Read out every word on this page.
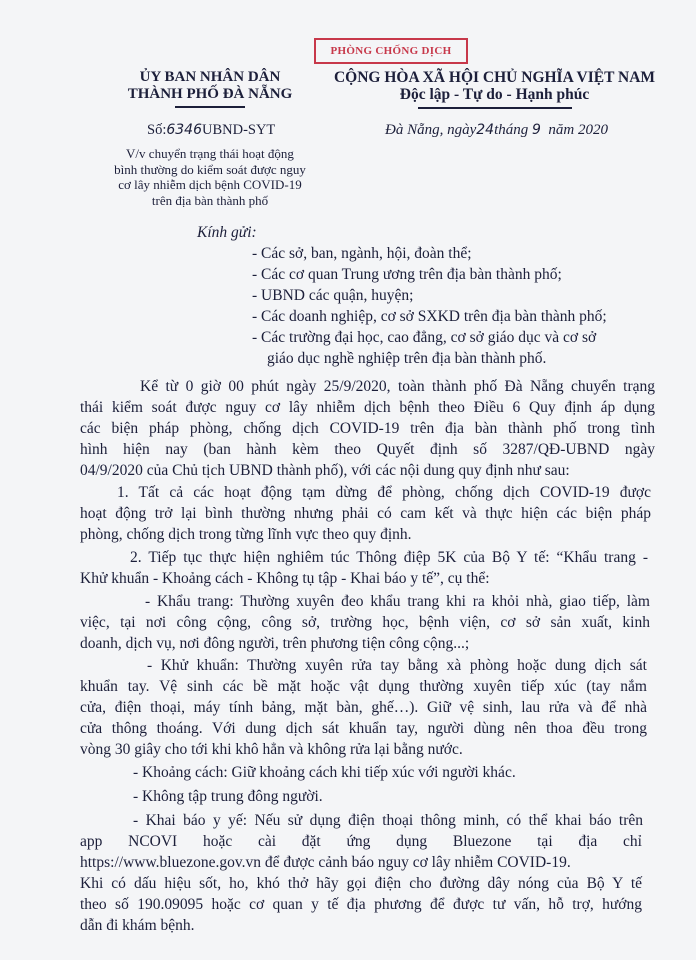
PHÒNG CHỐNG DỊCH
ỦY BAN NHÂN DÂN
THÀNH PHỐ ĐÀ NẴNG
Số:6346UBND-SYT
V/v chuyển trạng thái hoạt động
bình thường do kiểm soát được nguy
cơ lây nhiễm dịch bệnh COVID-19
trên địa bàn thành phố
CỘNG HÒA XÃ HỘI CHỦ NGHĨA VIỆT NAM
Độc lập - Tự do - Hạnh phúc
Đà Nẵng, ngày24tháng 9 năm 2020
Kính gửi:
- Các sở, ban, ngành, hội, đoàn thể;
- Các cơ quan Trung ương trên địa bàn thành phố;
- UBND các quận, huyện;
- Các doanh nghiệp, cơ sở SXKD trên địa bàn thành phố;
- Các trường đại học, cao đẳng, cơ sở giáo dục và cơ sở
giáo dục nghề nghiệp trên địa bàn thành phố.
Kể từ 0 giờ 00 phút ngày 25/9/2020, toàn thành phố Đà Nẵng chuyển trạng
thái kiểm soát được nguy cơ lây nhiễm dịch bệnh theo Điều 6 Quy định áp dụng
các biện pháp phòng, chống dịch COVID-19 trên địa bàn thành phố trong tình
hình hiện nay (ban hành kèm theo Quyết định số 3287/QĐ-UBND ngày
04/9/2020 của Chủ tịch UBND thành phố), với các nội dung quy định như sau:
1. Tất cả các hoạt động tạm dừng để phòng, chống dịch COVID-19 được
hoạt động trở lại bình thường nhưng phải có cam kết và thực hiện các biện pháp
phòng, chống dịch trong từng lĩnh vực theo quy định.
2. Tiếp tục thực hiện nghiêm túc Thông điệp 5K của Bộ Y tế: “Khẩu trang -
Khử khuẩn - Khoảng cách - Không tụ tập - Khai báo y tế”, cụ thể:
- Khẩu trang: Thường xuyên đeo khẩu trang khi ra khỏi nhà, giao tiếp, làm
việc, tại nơi công cộng, công sở, trường học, bệnh viện, cơ sở sản xuất, kinh
doanh, dịch vụ, nơi đông người, trên phương tiện công cộng...;
- Khử khuẩn: Thường xuyên rửa tay bằng xà phòng hoặc dung dịch sát
khuẩn tay. Vệ sinh các bề mặt hoặc vật dụng thường xuyên tiếp xúc (tay nắm
cửa, điện thoại, máy tính bảng, mặt bàn, ghế…). Giữ vệ sinh, lau rửa và để nhà
cửa thông thoáng. Với dung dịch sát khuẩn tay, người dùng nên thoa đều trong
vòng 30 giây cho tới khi khô hẳn và không rửa lại bằng nước.
- Khoảng cách: Giữ khoảng cách khi tiếp xúc với người khác.
- Không tập trung đông người.
- Khai báo y yế: Nếu sử dụng điện thoại thông minh, có thể khai báo trên
app NCOVI hoặc cài đặt ứng dụng Bluezone tại địa chỉ
https://www.bluezone.gov.vn để được cảnh báo nguy cơ lây nhiễm COVID-19.
Khi có dấu hiệu sốt, ho, khó thở hãy gọi điện cho đường dây nóng của Bộ Y tế
theo số 190.09095 hoặc cơ quan y tế địa phương để được tư vấn, hỗ trợ, hướng
dẫn đi khám bệnh.
